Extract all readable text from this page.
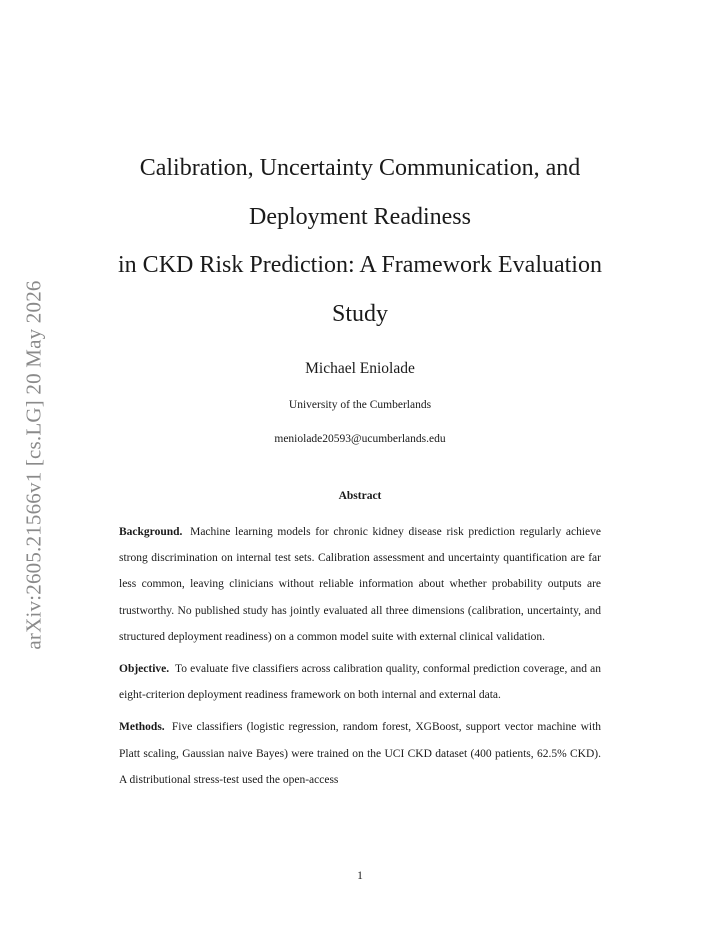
arXiv:2605.21566v1 [cs.LG] 20 May 2026
Calibration, Uncertainty Communication, and
Deployment Readiness
in CKD Risk Prediction: A Framework Evaluation
Study
Michael Eniolade
University of the Cumberlands
meniolade20593@ucumberlands.edu
Abstract

Background. Machine learning models for chronic kidney disease risk prediction regularly achieve strong discrimination on internal test sets. Calibration assessment and uncertainty quantification are far less common, leaving clinicians without reliable information about whether probability outputs are trustworthy. No published study has jointly evaluated all three dimensions (calibration, uncertainty, and structured deployment readiness) on a common model suite with external clinical validation.

Objective. To evaluate five classifiers across calibration quality, conformal prediction coverage, and an eight-criterion deployment readiness framework on both internal and external data.

Methods. Five classifiers (logistic regression, random forest, XGBoost, support vector machine with Platt scaling, Gaussian naive Bayes) were trained on the UCI CKD dataset (400 patients, 62.5% CKD). A distributional stress-test used the open-access

1
